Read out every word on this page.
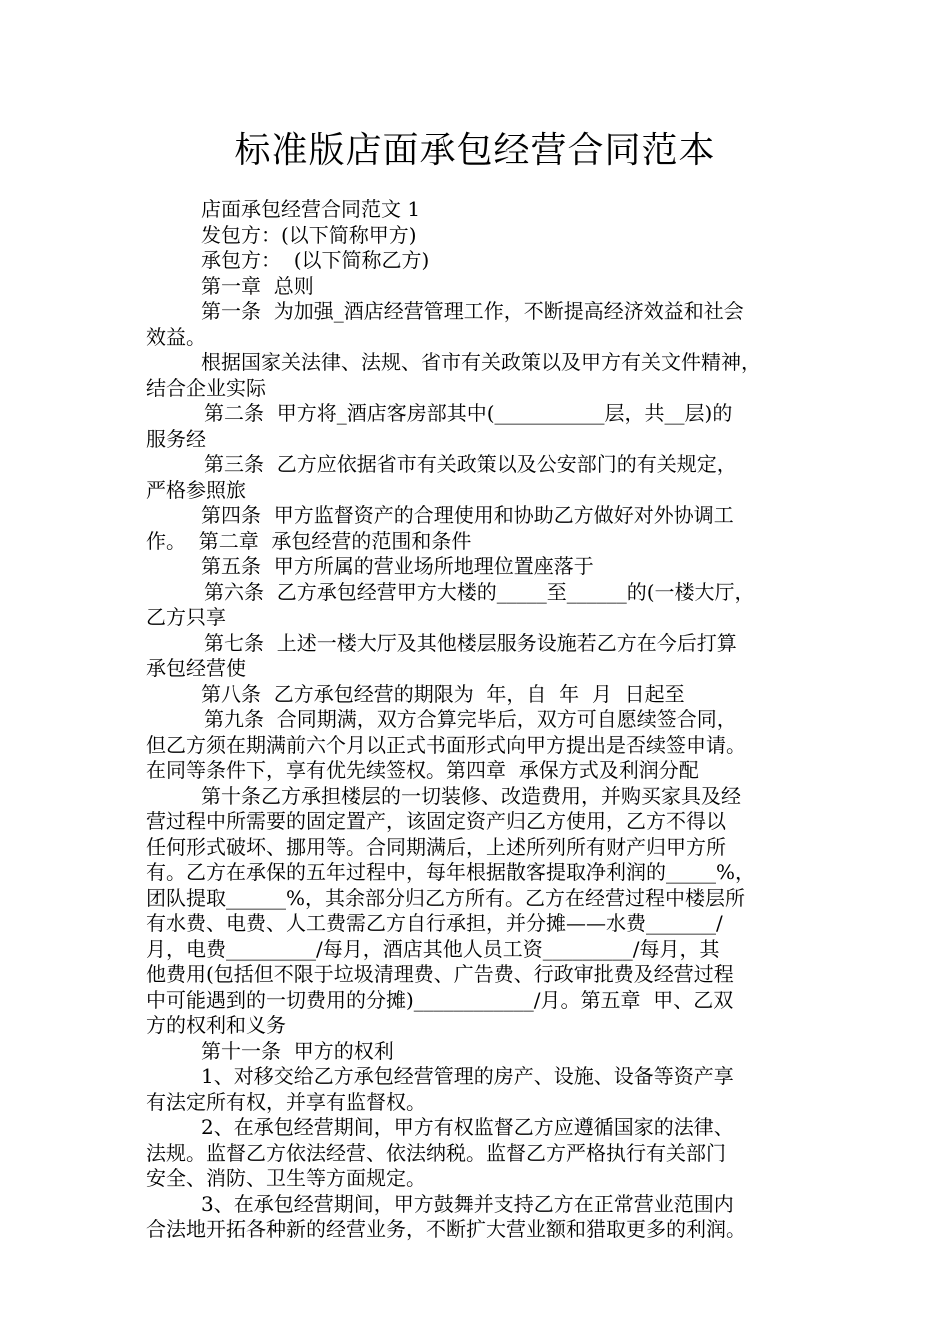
标准版店面承包经营合同范本
店面承包经营合同范文 1
发包方：(以下简称甲方)
承包方：  (以下简称乙方)
第一章  总则
第一条  为加强_酒店经营管理工作，不断提高经济效益和社会
效益。
根据国家关法律、法规、省市有关政策以及甲方有关文件精神，
结合企业实际
第二条  甲方将_酒店客房部其中(___________层，共__层)的
服务经
第三条  乙方应依据省市有关政策以及公安部门的有关规定，
严格参照旅
第四条  甲方监督资产的合理使用和协助乙方做好对外协调工
作。  第二章  承包经营的范围和条件
第五条  甲方所属的营业场所地理位置座落于
第六条  乙方承包经营甲方大楼的_____至______的(一楼大厅，
乙方只享
第七条  上述一楼大厅及其他楼层服务设施若乙方在今后打算
承包经营使
第八条  乙方承包经营的期限为  年，自  年  月  日起至
第九条  合同期满，双方合算完毕后，双方可自愿续签合同，
但乙方须在期满前六个月以正式书面形式向甲方提出是否续签申请。
在同等条件下，享有优先续签权。第四章  承保方式及利润分配
第十条乙方承担楼层的一切装修、改造费用，并购买家具及经
营过程中所需要的固定置产，该固定资产归乙方使用，乙方不得以
任何形式破坏、挪用等。合同期满后，上述所列所有财产归甲方所
有。乙方在承保的五年过程中，每年根据散客提取净利润的_____%，
团队提取______%，其余部分归乙方所有。乙方在经营过程中楼层所
有水费、电费、人工费需乙方自行承担，并分摊——水费_______/
月，电费_________/每月，酒店其他人员工资_________/每月，其
他费用(包括但不限于垃圾清理费、广告费、行政审批费及经营过程
中可能遇到的一切费用的分摊)____________/月。第五章  甲、乙双
方的权利和义务
第十一条  甲方的权利
1、对移交给乙方承包经营管理的房产、设施、设备等资产享
有法定所有权，并享有监督权。
2、在承包经营期间，甲方有权监督乙方应遵循国家的法律、
法规。监督乙方依法经营、依法纳税。监督乙方严格执行有关部门
安全、消防、卫生等方面规定。
3、在承包经营期间，甲方鼓舞并支持乙方在正常营业范围内
合法地开拓各种新的经营业务，不断扩大营业额和猎取更多的利润。
